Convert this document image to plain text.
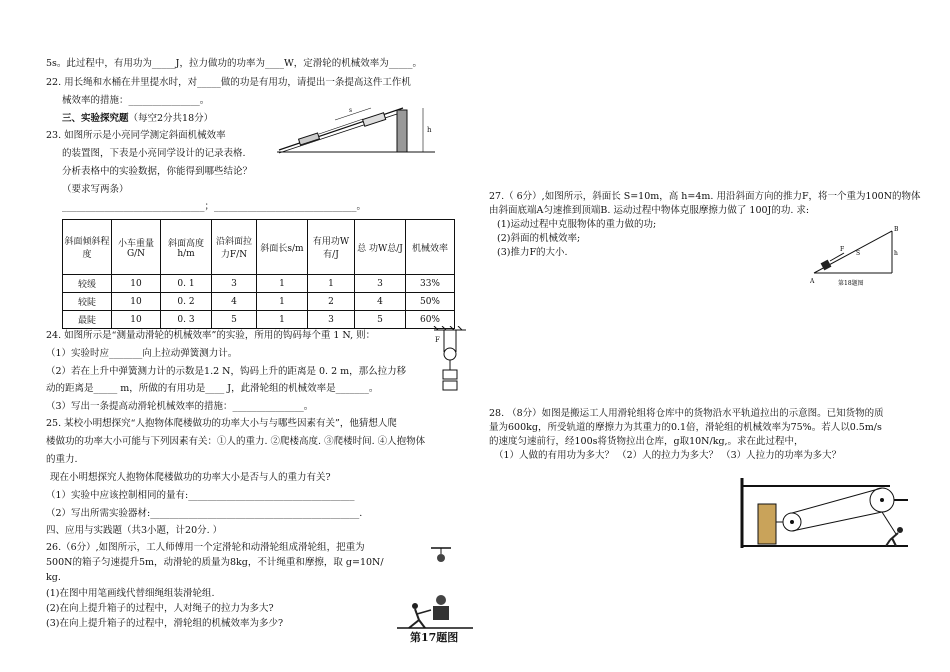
5s。此过程中，有用功为_____J，拉力做功的功率为____W，定滑轮的机械效率为_____。
22. 用长绳和水桶在井里提水时，对_____做的功是有用功，请提出一条提高这件工作机
械效率的措施：_______________。
三、实验探究题（每空2分共18分）
23. 如图所示是小亮同学测定斜面机械效率
的装置图，下表是小亮同学设计的记录表格.
分析表格中的实验数据，你能得到哪些结论？
（要求写两条）
______________________________；______________________________。
h
s
斜面倾斜程度	小车重量G/N	斜面高度h/m	沿斜面拉力F/N	斜面长s/m	有用功W有/J	总 功W总/J	机械效率
较缓	10	0. 1	3	1	1	3	33%
较陡	10	0. 2	4	1	2	4	50%
最陡	10	0. 3	5	1	3	5	60%
24. 如图所示是“测量动滑轮的机械效率”的实验，所用的钩码每个重 1 N, 则：
（1）实验时应_______向上拉动弹簧测力计。
（2）若在上升中弹簧测力计的示数是1.2 N，钩码上升的距离是 0. 2 m，那么拉力移
动的距离是_____ m，所做的有用功是____ J，此滑轮组的机械效率是_______。
（3）写出一条提高动滑轮机械效率的措施：_______________。
F
25. 某校小明想探究“人抱物体爬楼做功的功率大小与与哪些因素有关”，他猜想人爬
楼做功的功率大小可能与下列因素有关：①人的重力. ②爬楼高度. ③爬楼时间. ④人抱物体
的重力.
现在小明想探究人抱物体爬楼做功的功率大小是否与人的重力有关?
（1）实验中应该控制相同的量有:___________________________________
（2）写出所需实验器材:____________________________________________.
四、应用与实践题（共3小题，计20分. ）
26.（6分）,如图所示，工人师傅用一个定滑轮和动滑轮组成滑轮组，把重为
500N的箱子匀速提升5m，动滑轮的质量为8kg，不计绳重和摩擦，取 g=10N/
kg.
(1)在图中用笔画线代替细绳组装滑轮组.
(2)在向上提升箱子的过程中，人对绳子的拉力为多大?
(3)在向上提升箱子的过程中，滑轮组的机械效率为多少?
第17题图
27.（ 6分）,如图所示，斜面长 S=10m，高 h=4m. 用沿斜面方向的推力F，将一个重为100N的物体
由斜面底端A匀速推到顶端B. 运动过程中物体克服摩擦力做了 100J的功. 求:
(1)运动过程中克服物体的重力做的功;
(2)斜面的机械效率;
(3)推力F的大小.
A
B
F
S	h
第18题图
28. （8分）如图是搬运工人用滑轮组将仓库中的货物沿水平轨道拉出的示意图。已知货物的质
量为600kg，所受轨道的摩擦力为其重力的0.1倍，滑轮组的机械效率为75%。若人以0.5m/s
的速度匀速前行，经100s将货物拉出仓库，g取10N/kg,。求在此过程中，
（1）人做的有用功为多大？ （2）人的拉力为多大？ （3）人拉力的功率为多大？
